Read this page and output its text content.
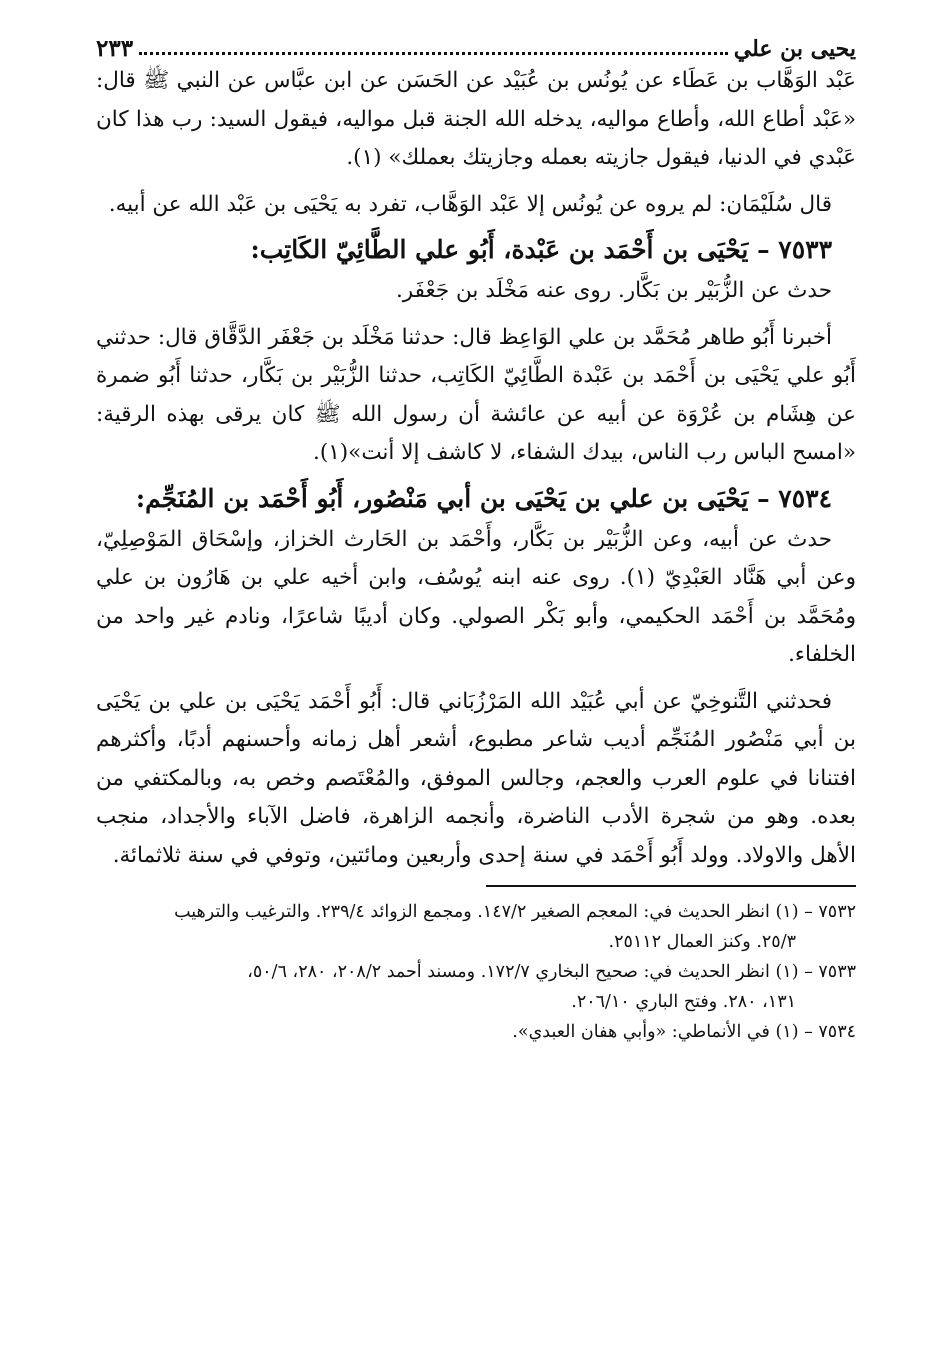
يحيى بن علي
٢٣٣

عَبْد الوَهَّاب بن عَطَاء عن يُونُس بن عُبَيْد عن الحَسَن عن ابن عبَّاس عن النبي ﷺ قال: «عَبْد أطاع الله، وأطاع مواليه، يدخله الله الجنة قبل مواليه، فيقول السيد: رب هذا كان عَبْدي في الدنيا، فيقول جازيته بعمله وجازيتك بعملك» (١).

قال سُلَيْمَان: لم يروه عن يُونُس إلا عَبْد الوَهَّاب، تفرد به يَحْيَى بن عَبْد الله عن أبيه.

٧٥٣٣ – يَحْيَى بن أَحْمَد بن عَبْدة، أَبُو علي الطَّائِيّ الكَاتِب:

حدث عن الزُّبَيْر بن بَكَّار. روى عنه مَخْلَد بن جَعْفَر.

أخبرنا أَبُو طاهر مُحَمَّد بن علي الوَاعِظ قال: حدثنا مَخْلَد بن جَعْفَر الدَّقَّاق قال: حدثني أَبُو علي يَحْيَى بن أَحْمَد بن عَبْدة الطَّائِيّ الكَاتِب، حدثنا الزُّبَيْر بن بَكَّار، حدثنا أَبُو ضمرة عن هِشَام بن عُرْوَة عن أبيه عن عائشة أن رسول الله ﷺ كان يرقى بهذه الرقية: «امسح الباس رب الناس، بيدك الشفاء، لا كاشف إلا أنت»(١).

٧٥٣٤ – يَحْيَى بن علي بن يَحْيَى بن أبي مَنْصُور، أَبُو أَحْمَد بن المُنَجِّم:

حدث عن أبيه، وعن الزُّبَيْر بن بَكَّار، وأَحْمَد بن الحَارث الخزاز، وإسْحَاق المَوْصِلِيّ، وعن أبي هَنَّاد العَبْدِيّ (١). روى عنه ابنه يُوسُف، وابن أخيه علي بن هَارُون بن علي ومُحَمَّد بن أَحْمَد الحكيمي، وأبو بَكْر الصولي. وكان أديبًا شاعرًا، ونادم غير واحد من الخلفاء.

فحدثني التَّنوخِيّ عن أبي عُبَيْد الله المَرْزُبَاني قال: أَبُو أَحْمَد يَحْيَى بن علي بن يَحْيَى بن أبي مَنْصُور المُنَجِّم أديب شاعر مطبوع، أشعر أهل زمانه وأحسنهم أدبًا، وأكثرهم افتنانا في علوم العرب والعجم، وجالس الموفق، والمُعْتَصم وخص به، وبالمكتفي من بعده. وهو من شجرة الأدب الناضرة، وأنجمه الزاهرة، فاضل الآباء والأجداد، منجب الأهل والاولاد. وولد أَبُو أَحْمَد في سنة إحدى وأربعين ومائتين، وتوفي في سنة ثلاثمائة.

٧٥٣٢ – (١) انظر الحديث في: المعجم الصغير ١٤٧/٢. ومجمع الزوائد ٢٣٩/٤. والترغيب والترهيب

٢٥/٣. وكنز العمال ٢٥١١٢.

٧٥٣٣ – (١) انظر الحديث في: صحيح البخاري ١٧٢/٧. ومسند أحمد ٢٠٨/٢، ٢٨٠، ٥٠/٦،

١٣١، ٢٨٠. وفتح الباري ٢٠٦/١٠.

٧٥٣٤ – (١) في الأنماطي: «وأبي هفان العبدي».
